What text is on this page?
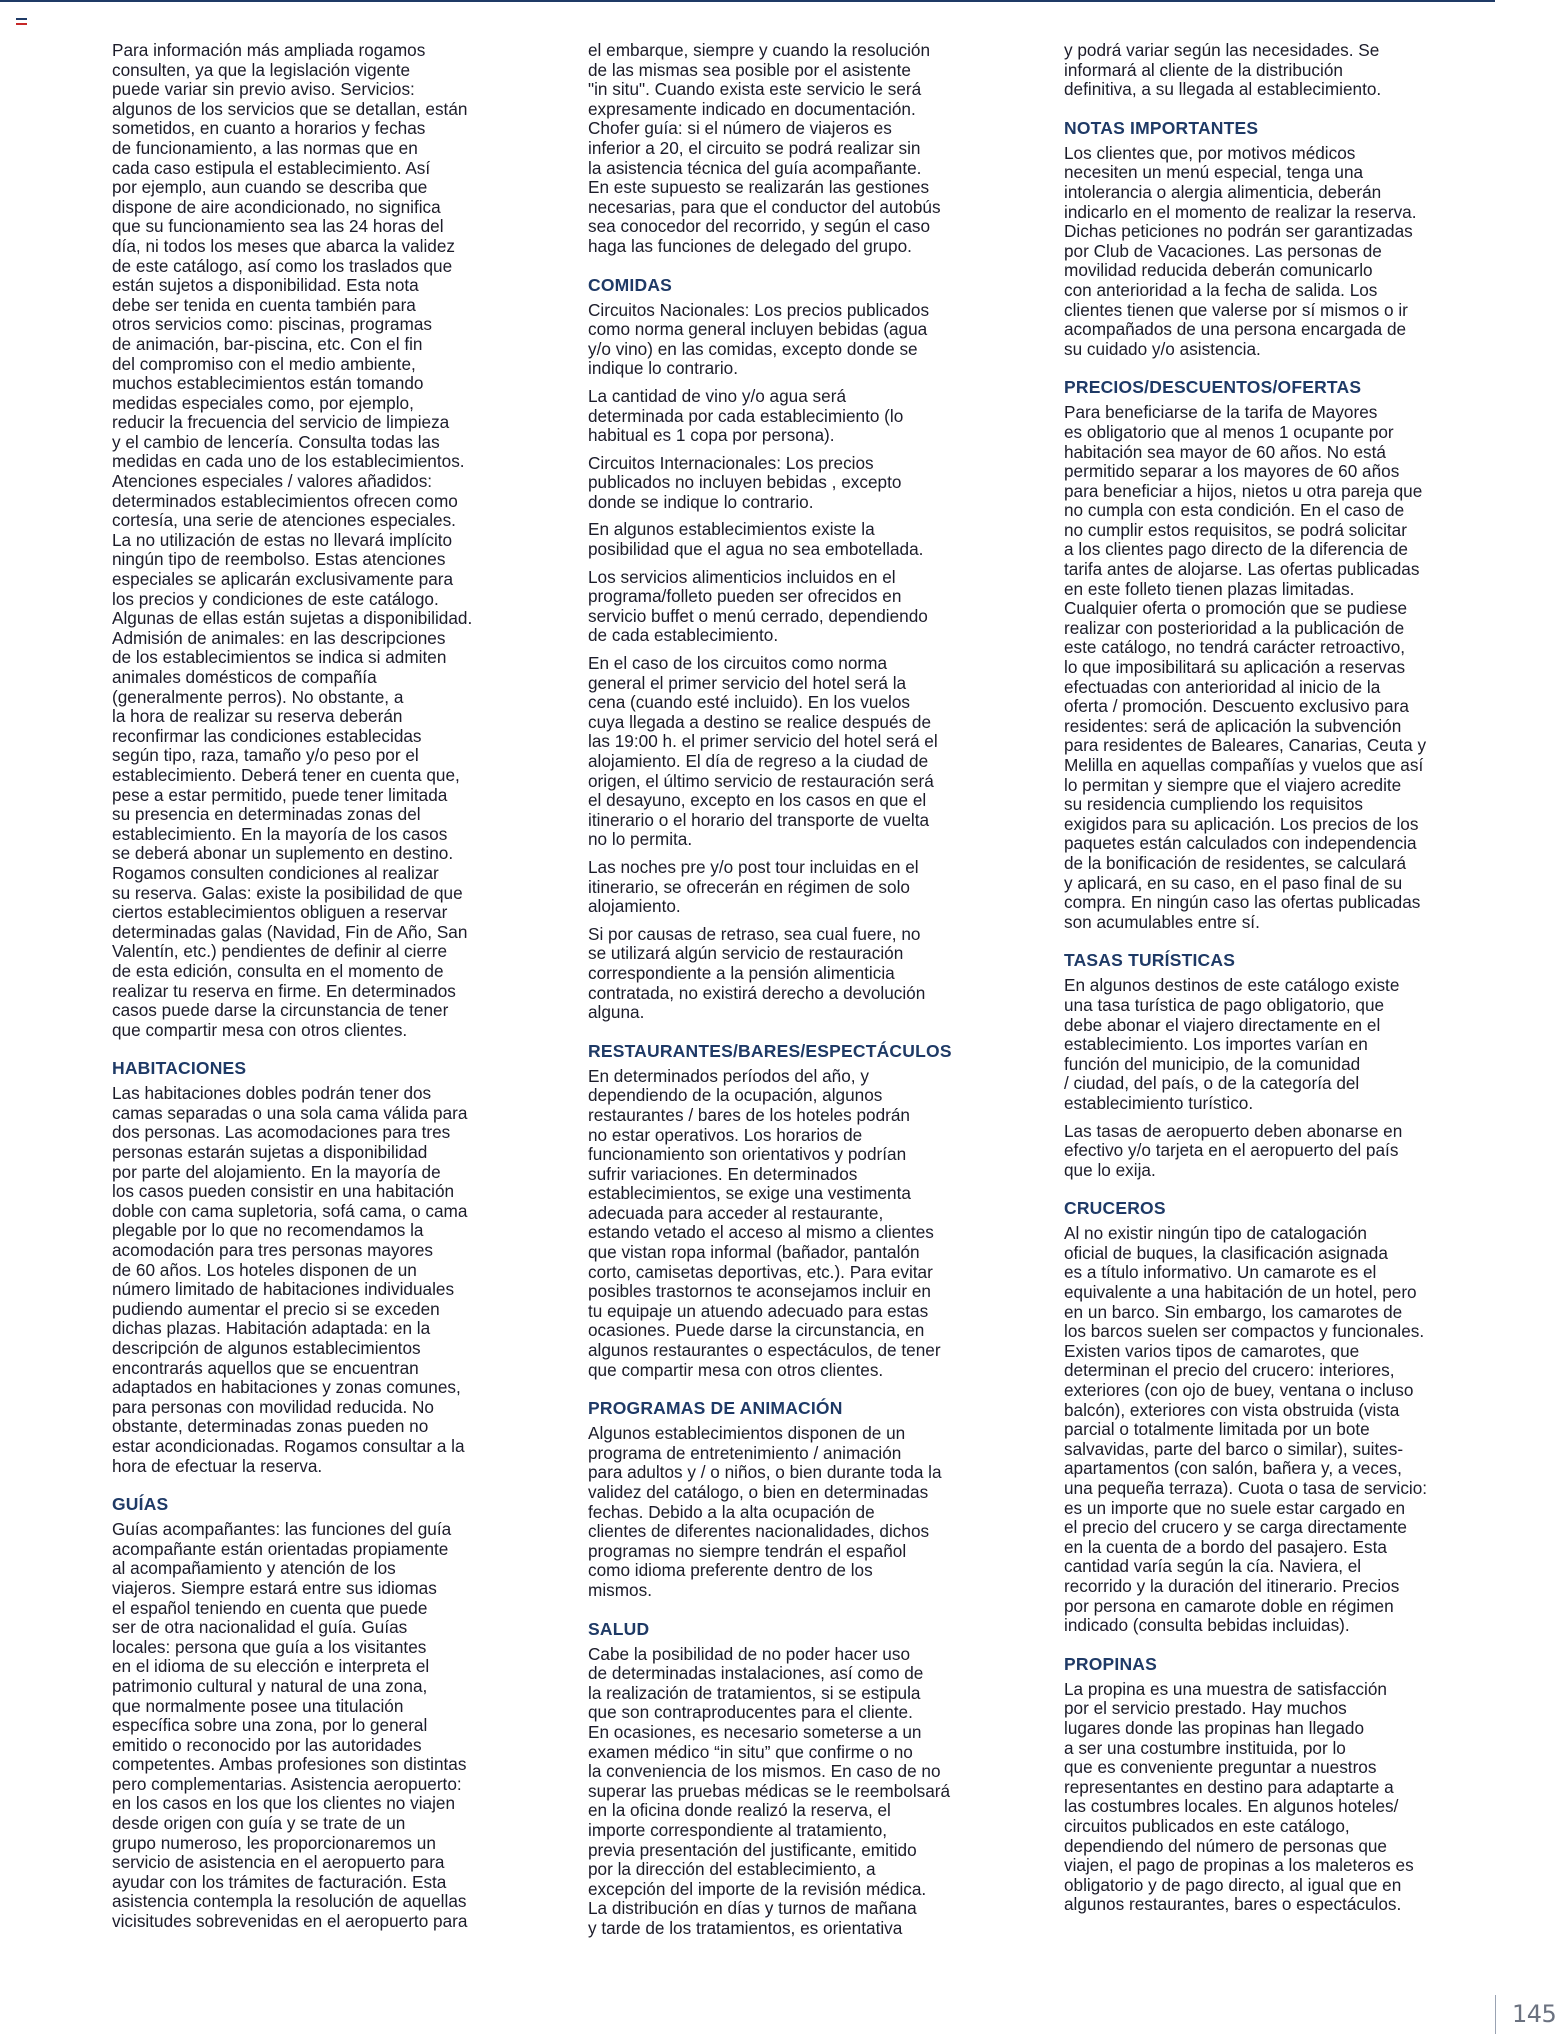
Para información más ampliada rogamos
consulten, ya que la legislación vigente
puede variar sin previo aviso. Servicios:
algunos de los servicios que se detallan, están
sometidos, en cuanto a horarios y fechas
de funcionamiento, a las normas que en
cada caso estipula el establecimiento. Así
por ejemplo, aun cuando se describa que
dispone de aire acondicionado, no significa
que su funcionamiento sea las 24 horas del
día, ni todos los meses que abarca la validez
de este catálogo, así como los traslados que
están sujetos a disponibilidad. Esta nota
debe ser tenida en cuenta también para
otros servicios como: piscinas, programas
de animación, bar-piscina, etc. Con el fin
del compromiso con el medio ambiente,
muchos establecimientos están tomando
medidas especiales como, por ejemplo,
reducir la frecuencia del servicio de limpieza
y el cambio de lencería. Consulta todas las
medidas en cada uno de los establecimientos.
Atenciones especiales / valores añadidos:
determinados establecimientos ofrecen como
cortesía, una serie de atenciones especiales.
La no utilización de estas no llevará implícito
ningún tipo de reembolso. Estas atenciones
especiales se aplicarán exclusivamente para
los precios y condiciones de este catálogo.
Algunas de ellas están sujetas a disponibilidad.
Admisión de animales: en las descripciones
de los establecimientos se indica si admiten
animales domésticos de compañía
(generalmente perros). No obstante, a
la hora de realizar su reserva deberán
reconfirmar las condiciones establecidas
según tipo, raza, tamaño y/o peso por el
establecimiento. Deberá tener en cuenta que,
pese a estar permitido, puede tener limitada
su presencia en determinadas zonas del
establecimiento. En la mayoría de los casos
se deberá abonar un suplemento en destino.
Rogamos consulten condiciones al realizar
su reserva. Galas: existe la posibilidad de que
ciertos establecimientos obliguen a reservar
determinadas galas (Navidad, Fin de Año, San
Valentín, etc.) pendientes de definir al cierre
de esta edición, consulta en el momento de
realizar tu reserva en firme. En determinados
casos puede darse la circunstancia de tener
que compartir mesa con otros clientes.

HABITACIONES

Las habitaciones dobles podrán tener dos
camas separadas o una sola cama válida para
dos personas. Las acomodaciones para tres
personas estarán sujetas a disponibilidad
por parte del alojamiento. En la mayoría de
los casos pueden consistir en una habitación
doble con cama supletoria, sofá cama, o cama
plegable por lo que no recomendamos la
acomodación para tres personas mayores
de 60 años. Los hoteles disponen de un
número limitado de habitaciones individuales
pudiendo aumentar el precio si se exceden
dichas plazas. Habitación adaptada: en la
descripción de algunos establecimientos
encontrarás aquellos que se encuentran
adaptados en habitaciones y zonas comunes,
para personas con movilidad reducida. No
obstante, determinadas zonas pueden no
estar acondicionadas. Rogamos consultar a la
hora de efectuar la reserva.

GUÍAS

Guías acompañantes: las funciones del guía
acompañante están orientadas propiamente
al acompañamiento y atención de los
viajeros. Siempre estará entre sus idiomas
el español teniendo en cuenta que puede
ser de otra nacionalidad el guía. Guías
locales: persona que guía a los visitantes
en el idioma de su elección e interpreta el
patrimonio cultural y natural de una zona,
que normalmente posee una titulación
específica sobre una zona, por lo general
emitido o reconocido por las autoridades
competentes. Ambas profesiones son distintas
pero complementarias. Asistencia aeropuerto:
en los casos en los que los clientes no viajen
desde origen con guía y se trate de un
grupo numeroso, les proporcionaremos un
servicio de asistencia en el aeropuerto para
ayudar con los trámites de facturación. Esta
asistencia contempla la resolución de aquellas
vicisitudes sobrevenidas en el aeropuerto para

el embarque, siempre y cuando la resolución
de las mismas sea posible por el asistente
"in situ". Cuando exista este servicio le será
expresamente indicado en documentación.
Chofer guía: si el número de viajeros es
inferior a 20, el circuito se podrá realizar sin
la asistencia técnica del guía acompañante.
En este supuesto se realizarán las gestiones
necesarias, para que el conductor del autobús
sea conocedor del recorrido, y según el caso
haga las funciones de delegado del grupo.

COMIDAS

Circuitos Nacionales: Los precios publicados
como norma general incluyen bebidas (agua
y/o vino) en las comidas, excepto donde se
indique lo contrario.

La cantidad de vino y/o agua será
determinada por cada establecimiento (lo
habitual es 1 copa por persona).

Circuitos Internacionales: Los precios
publicados no incluyen bebidas , excepto
donde se indique lo contrario.

En algunos establecimientos existe la
posibilidad que el agua no sea embotellada.

Los servicios alimenticios incluidos en el
programa/folleto pueden ser ofrecidos en
servicio buffet o menú cerrado, dependiendo
de cada establecimiento.

En el caso de los circuitos como norma
general el primer servicio del hotel será la
cena (cuando esté incluido). En los vuelos
cuya llegada a destino se realice después de
las 19:00 h. el primer servicio del hotel será el
alojamiento. El día de regreso a la ciudad de
origen, el último servicio de restauración será
el desayuno, excepto en los casos en que el
itinerario o el horario del transporte de vuelta
no lo permita.

Las noches pre y/o post tour incluidas en el
itinerario, se ofrecerán en régimen de solo
alojamiento.

Si por causas de retraso, sea cual fuere, no
se utilizará algún servicio de restauración
correspondiente a la pensión alimenticia
contratada, no existirá derecho a devolución
alguna.

RESTAURANTES/BARES/ESPECTÁCULOS

En determinados períodos del año, y
dependiendo de la ocupación, algunos
restaurantes / bares de los hoteles podrán
no estar operativos. Los horarios de
funcionamiento son orientativos y podrían
sufrir variaciones. En determinados
establecimientos, se exige una vestimenta
adecuada para acceder al restaurante,
estando vetado el acceso al mismo a clientes
que vistan ropa informal (bañador, pantalón
corto, camisetas deportivas, etc.). Para evitar
posibles trastornos te aconsejamos incluir en
tu equipaje un atuendo adecuado para estas
ocasiones. Puede darse la circunstancia, en
algunos restaurantes o espectáculos, de tener
que compartir mesa con otros clientes.

PROGRAMAS DE ANIMACIÓN

Algunos establecimientos disponen de un
programa de entretenimiento / animación
para adultos y / o niños, o bien durante toda la
validez del catálogo, o bien en determinadas
fechas. Debido a la alta ocupación de
clientes de diferentes nacionalidades, dichos
programas no siempre tendrán el español
como idioma preferente dentro de los
mismos.

SALUD

Cabe la posibilidad de no poder hacer uso
de determinadas instalaciones, así como de
la realización de tratamientos, si se estipula
que son contraproducentes para el cliente.
En ocasiones, es necesario someterse a un
examen médico “in situ” que confirme o no
la conveniencia de los mismos. En caso de no
superar las pruebas médicas se le reembolsará
en la oficina donde realizó la reserva, el
importe correspondiente al tratamiento,
previa presentación del justificante, emitido
por la dirección del establecimiento, a
excepción del importe de la revisión médica.
La distribución en días y turnos de mañana
y tarde de los tratamientos, es orientativa

y podrá variar según las necesidades. Se
informará al cliente de la distribución
definitiva, a su llegada al establecimiento.

NOTAS IMPORTANTES

Los clientes que, por motivos médicos
necesiten un menú especial, tenga una
intolerancia o alergia alimenticia, deberán
indicarlo en el momento de realizar la reserva.
Dichas peticiones no podrán ser garantizadas
por Club de Vacaciones. Las personas de
movilidad reducida deberán comunicarlo
con anterioridad a la fecha de salida. Los
clientes tienen que valerse por sí mismos o ir
acompañados de una persona encargada de
su cuidado y/o asistencia.

PRECIOS/DESCUENTOS/OFERTAS

Para beneficiarse de la tarifa de Mayores
es obligatorio que al menos 1 ocupante por
habitación sea mayor de 60 años. No está
permitido separar a los mayores de 60 años
para beneficiar a hijos, nietos u otra pareja que
no cumpla con esta condición. En el caso de
no cumplir estos requisitos, se podrá solicitar
a los clientes pago directo de la diferencia de
tarifa antes de alojarse. Las ofertas publicadas
en este folleto tienen plazas limitadas.
Cualquier oferta o promoción que se pudiese
realizar con posterioridad a la publicación de
este catálogo, no tendrá carácter retroactivo,
lo que imposibilitará su aplicación a reservas
efectuadas con anterioridad al inicio de la
oferta / promoción. Descuento exclusivo para
residentes: será de aplicación la subvención
para residentes de Baleares, Canarias, Ceuta y
Melilla en aquellas compañías y vuelos que así
lo permitan y siempre que el viajero acredite
su residencia cumpliendo los requisitos
exigidos para su aplicación. Los precios de los
paquetes están calculados con independencia
de la bonificación de residentes, se calculará
y aplicará, en su caso, en el paso final de su
compra. En ningún caso las ofertas publicadas
son acumulables entre sí.

TASAS TURÍSTICAS

En algunos destinos de este catálogo existe
una tasa turística de pago obligatorio, que
debe abonar el viajero directamente en el
establecimiento. Los importes varían en
función del municipio, de la comunidad
/ ciudad, del país, o de la categoría del
establecimiento turístico.

Las tasas de aeropuerto deben abonarse en
efectivo y/o tarjeta en el aeropuerto del país
que lo exija.

CRUCEROS

Al no existir ningún tipo de catalogación
oficial de buques, la clasificación asignada
es a título informativo. Un camarote es el
equivalente a una habitación de un hotel, pero
en un barco. Sin embargo, los camarotes de
los barcos suelen ser compactos y funcionales.
Existen varios tipos de camarotes, que
determinan el precio del crucero: interiores,
exteriores (con ojo de buey, ventana o incluso
balcón), exteriores con vista obstruida (vista
parcial o totalmente limitada por un bote
salvavidas, parte del barco o similar), suites-
apartamentos (con salón, bañera y, a veces,
una pequeña terraza). Cuota o tasa de servicio:
es un importe que no suele estar cargado en
el precio del crucero y se carga directamente
en la cuenta de a bordo del pasajero. Esta
cantidad varía según la cía. Naviera, el
recorrido y la duración del itinerario. Precios
por persona en camarote doble en régimen
indicado (consulta bebidas incluidas).

PROPINAS

La propina es una muestra de satisfacción
por el servicio prestado. Hay muchos
lugares donde las propinas han llegado
a ser una costumbre instituida, por lo
que es conveniente preguntar a nuestros
representantes en destino para adaptarte a
las costumbres locales. En algunos hoteles/
circuitos publicados en este catálogo,
dependiendo del número de personas que
viajen, el pago de propinas a los maleteros es
obligatorio y de pago directo, al igual que en
algunos restaurantes, bares o espectáculos.

145
